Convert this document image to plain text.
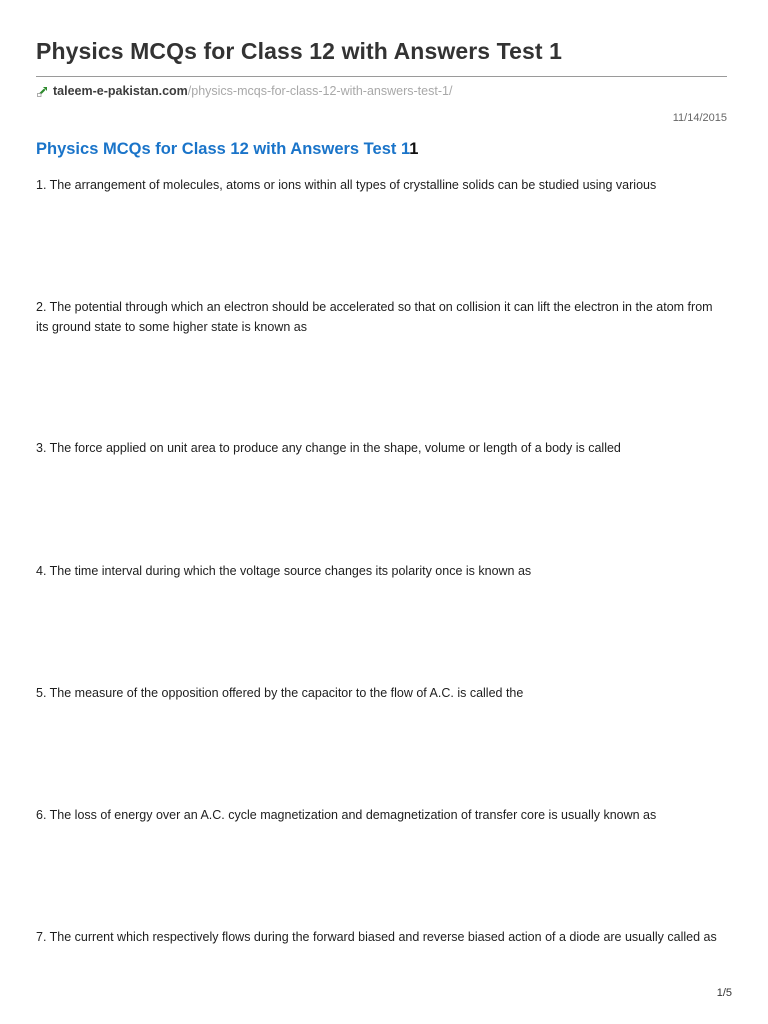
Physics MCQs for Class 12 with Answers Test 1
taleem-e-pakistan.com /physics-mcqs-for-class-12-with-answers-test-1/
11/14/2015
Physics MCQs for Class 12 with Answers Test 11

1. The arrangement of molecules, atoms or ions within all types of crystalline solids can be studied using various

2. The potential through which an electron should be accelerated so that on collision it can lift the electron in the atom from its ground state to some higher state is known as

3. The force applied on unit area to produce any change in the shape, volume or length of a body is called

4. The time interval during which the voltage source changes its polarity once is known as

5. The measure of the opposition offered by the capacitor to the flow of A.C. is called the

6. The loss of energy over an A.C. cycle magnetization and demagnetization of transfer core is usually known as

7. The current which respectively flows during the forward biased and reverse biased action of a diode are usually called as

1/5
